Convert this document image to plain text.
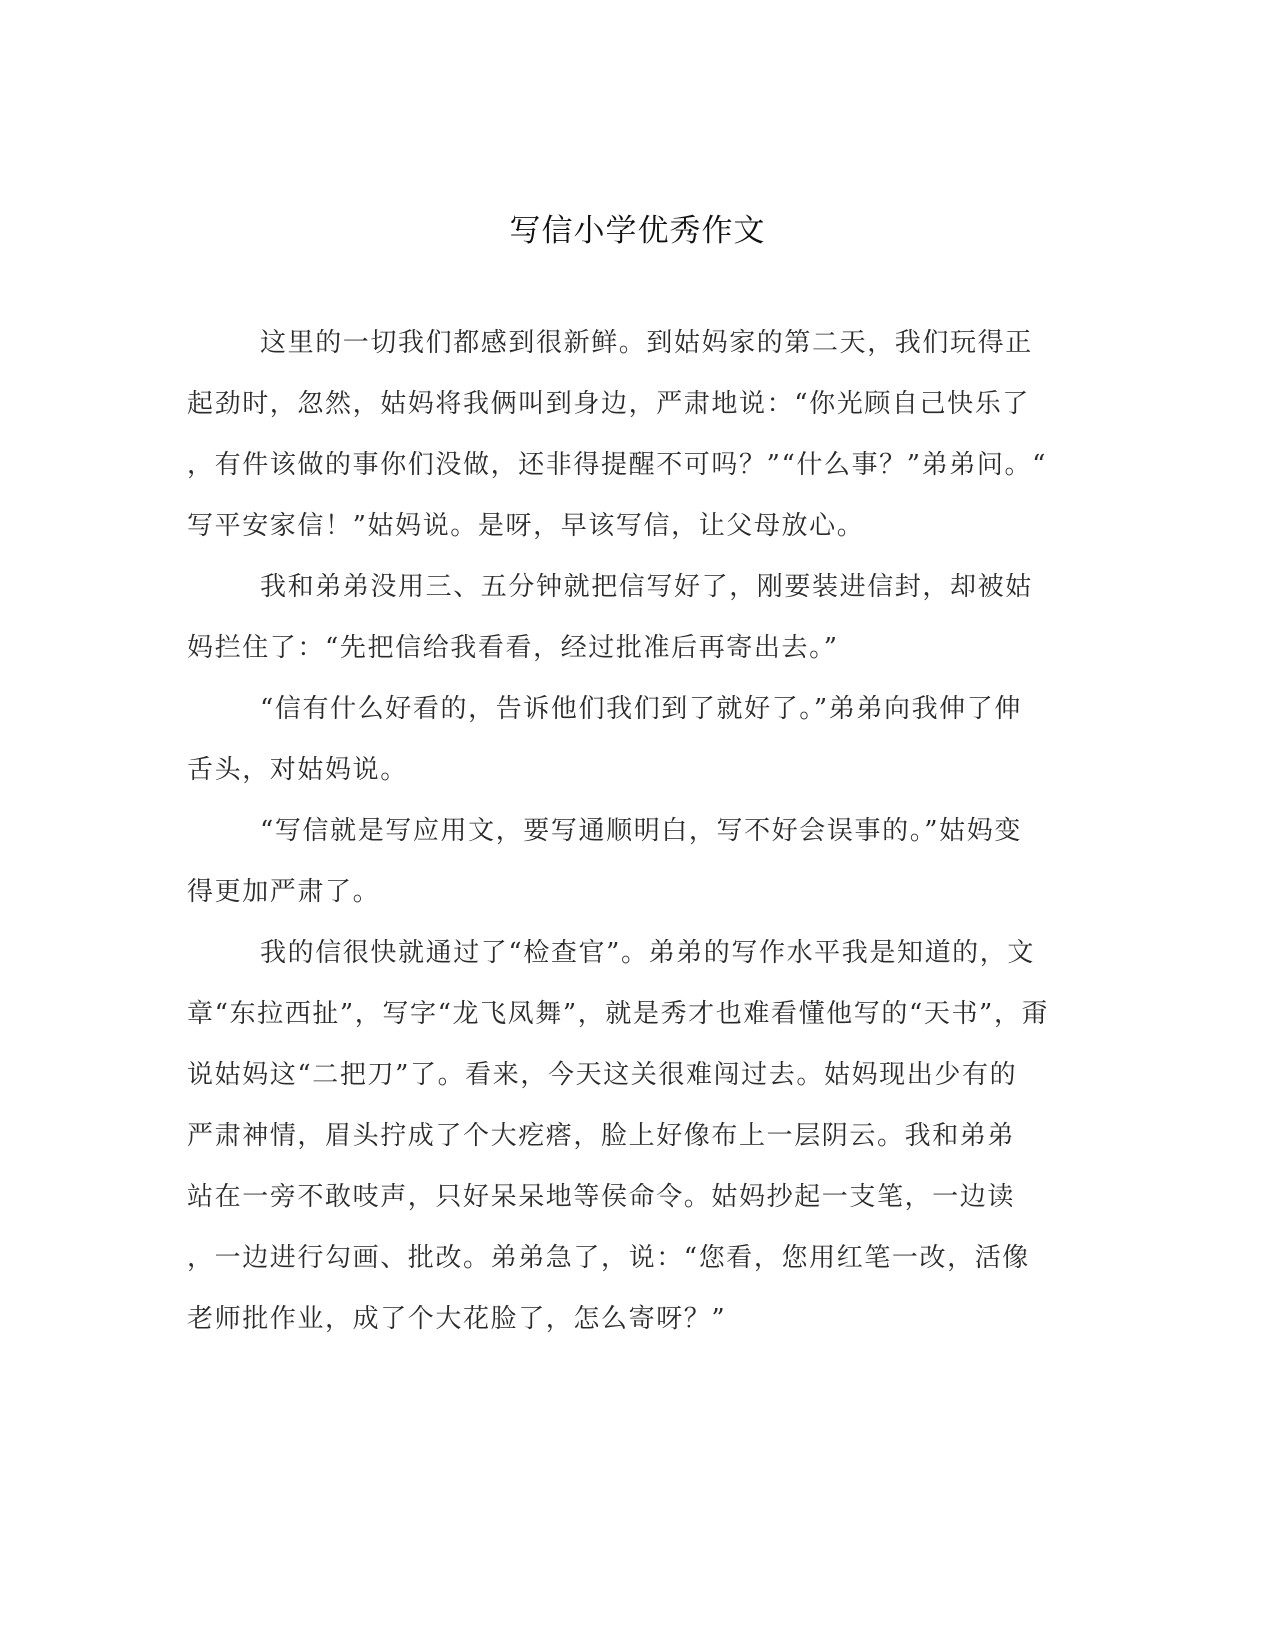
写信小学优秀作文
这里的一切我们都感到很新鲜。到姑妈家的第二天，我们玩得正
起劲时，忽然，姑妈将我俩叫到身边，严肃地说：“你光顾自己快乐了
，有件该做的事你们没做，还非得提醒不可吗？”“什么事？”弟弟问。“
写平安家信！”姑妈说。是呀，早该写信，让父母放心。
我和弟弟没用三、五分钟就把信写好了，刚要装进信封，却被姑
妈拦住了：“先把信给我看看，经过批准后再寄出去。”
“信有什么好看的，告诉他们我们到了就好了。”弟弟向我伸了伸
舌头，对姑妈说。
“写信就是写应用文，要写通顺明白，写不好会误事的。”姑妈变
得更加严肃了。
我的信很快就通过了“检查官”。弟弟的写作水平我是知道的，文
章“东拉西扯”，写字“龙飞凤舞”，就是秀才也难看懂他写的“天书”，甭
说姑妈这“二把刀”了。看来，今天这关很难闯过去。姑妈现出少有的
严肃神情，眉头拧成了个大疙瘩，脸上好像布上一层阴云。我和弟弟
站在一旁不敢吱声，只好呆呆地等侯命令。姑妈抄起一支笔，一边读
，一边进行勾画、批改。弟弟急了，说：“您看，您用红笔一改，活像
老师批作业，成了个大花脸了，怎么寄呀？”
